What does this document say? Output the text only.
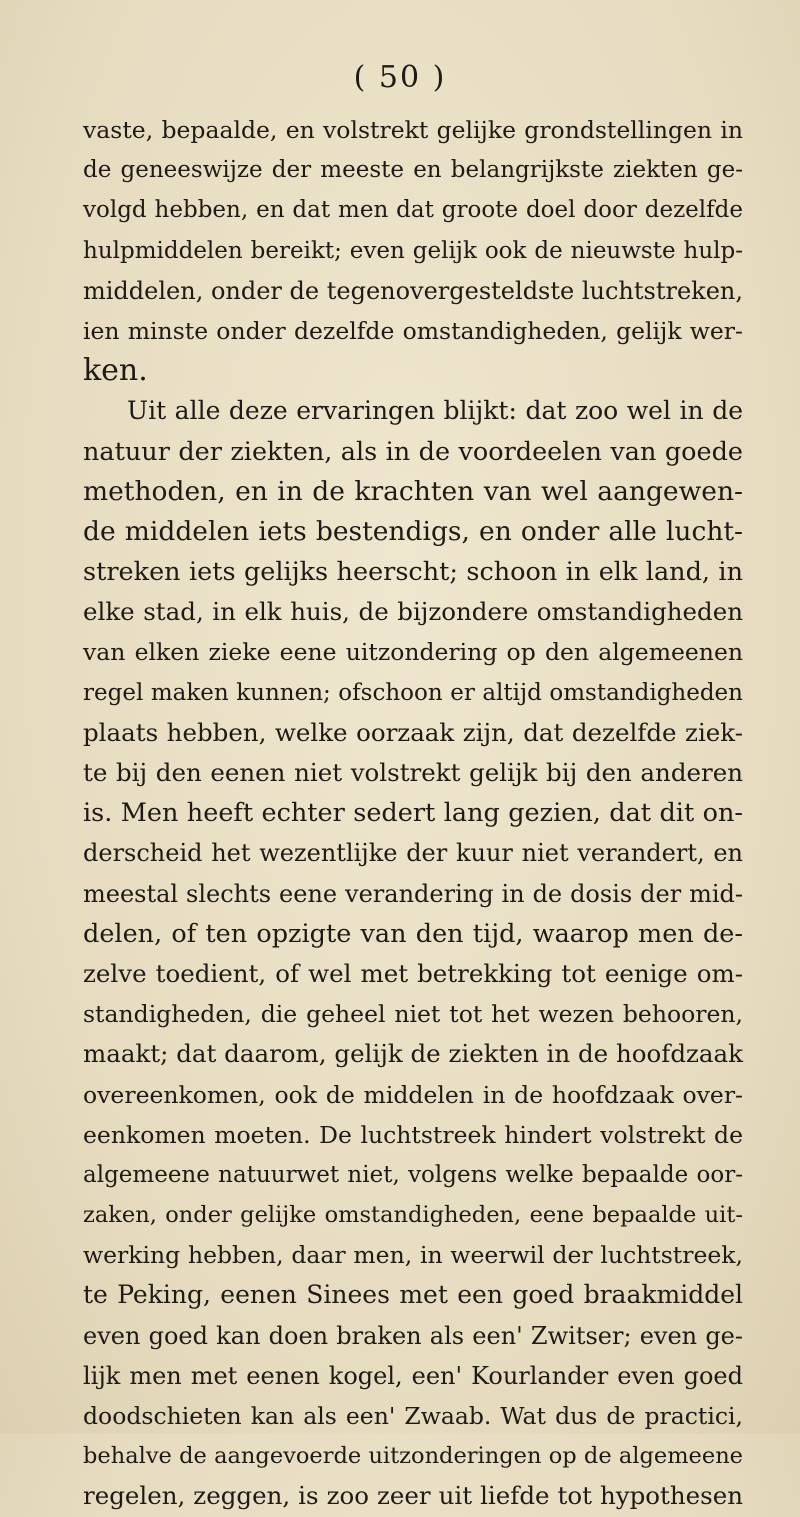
( 50 )
vaste, bepaalde, en volstrekt gelijke grondstellingen in
de geneeswijze der meeste en belangrijkste ziekten ge-
volgd hebben, en dat men dat groote doel door dezelfde
hulpmiddelen bereikt; even gelijk ook de nieuwste hulp-
middelen, onder de tegenovergesteldste luchtstreken,
ien minste onder dezelfde omstandigheden, gelijk wer-
ken.
Uit alle deze ervaringen blijkt: dat zoo wel in de
natuur der ziekten, als in de voordeelen van goede
methoden, en in de krachten van wel aangewen-
de middelen iets bestendigs, en onder alle lucht-
streken iets gelijks heerscht; schoon in elk land, in
elke stad, in elk huis, de bijzondere omstandigheden
van elken zieke eene uitzondering op den algemeenen
regel maken kunnen; ofschoon er altijd omstandigheden
plaats hebben, welke oorzaak zijn, dat dezelfde ziek-
te bij den eenen niet volstrekt gelijk bij den anderen
is. Men heeft echter sedert lang gezien, dat dit on-
derscheid het wezentlijke der kuur niet verandert, en
meestal slechts eene verandering in de dosis der mid-
delen, of ten opzigte van den tijd, waarop men de-
zelve toedient, of wel met betrekking tot eenige om-
standigheden, die geheel niet tot het wezen behooren,
maakt; dat daarom, gelijk de ziekten in de hoofdzaak
overeenkomen, ook de middelen in de hoofdzaak over-
eenkomen moeten. De luchtstreek hindert volstrekt de
algemeene natuurwet niet, volgens welke bepaalde oor-
zaken, onder gelijke omstandigheden, eene bepaalde uit-
werking hebben, daar men, in weerwil der luchtstreek,
te Peking, eenen Sinees met een goed braakmiddel
even goed kan doen braken als een' Zwitser; even ge-
lijk men met eenen kogel, een' Kourlander even goed
doodschieten kan als een' Zwaab. Wat dus de practici,
behalve de aangevoerde uitzonderingen op de algemeene
regelen, zeggen, is zoo zeer uit liefde tot hypothesen
